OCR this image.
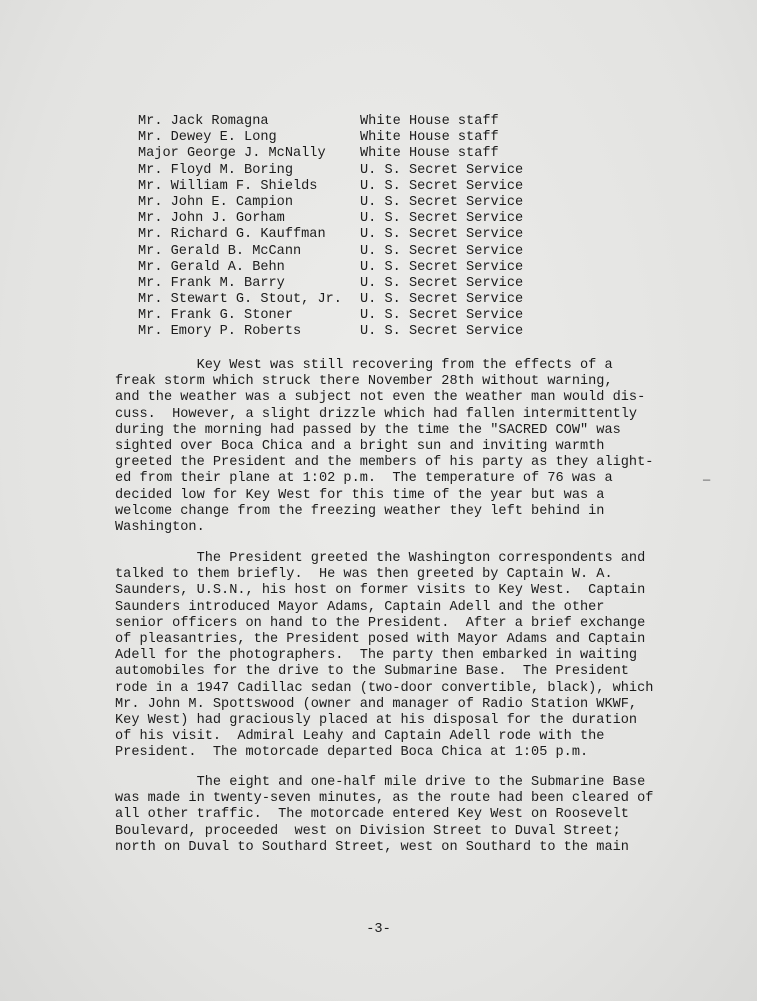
Mr. Jack Romagna	White House staff
Mr. Dewey E. Long	White House staff
Major George J. McNally	White House staff
Mr. Floyd M. Boring	U. S. Secret Service
Mr. William F. Shields	U. S. Secret Service
Mr. John E. Campion	U. S. Secret Service
Mr. John J. Gorham	U. S. Secret Service
Mr. Richard G. Kauffman	U. S. Secret Service
Mr. Gerald B. McCann	U. S. Secret Service
Mr. Gerald A. Behn	U. S. Secret Service
Mr. Frank M. Barry	U. S. Secret Service
Mr. Stewart G. Stout, Jr.	U. S. Secret Service
Mr. Frank G. Stoner	U. S. Secret Service
Mr. Emory P. Roberts	U. S. Secret Service

Key West was still recovering from the effects of a
freak storm which struck there November 28th without warning,
and the weather was a subject not even the weather man would dis-
cuss.  However, a slight drizzle which had fallen intermittently
during the morning had passed by the time the "SACRED COW" was
sighted over Boca Chica and a bright sun and inviting warmth
greeted the President and the members of his party as they alight-
ed from their plane at 1:02 p.m.  The temperature of 76 was a
decided low for Key West for this time of the year but was a
welcome change from the freezing weather they left behind in
Washington.

The President greeted the Washington correspondents and
talked to them briefly.  He was then greeted by Captain W. A.
Saunders, U.S.N., his host on former visits to Key West.  Captain
Saunders introduced Mayor Adams, Captain Adell and the other
senior officers on hand to the President.  After a brief exchange
of pleasantries, the President posed with Mayor Adams and Captain
Adell for the photographers.  The party then embarked in waiting
automobiles for the drive to the Submarine Base.  The President
rode in a 1947 Cadillac sedan (two-door convertible, black), which
Mr. John M. Spottswood (owner and manager of Radio Station WKWF,
Key West) had graciously placed at his disposal for the duration
of his visit.  Admiral Leahy and Captain Adell rode with the
President.  The motorcade departed Boca Chica at 1:05 p.m.

The eight and one-half mile drive to the Submarine Base
was made in twenty-seven minutes, as the route had been cleared of
all other traffic.  The motorcade entered Key West on Roosevelt
Boulevard, proceeded  west on Division Street to Duval Street;
north on Duval to Southard Street, west on Southard to the main

—
-3-
